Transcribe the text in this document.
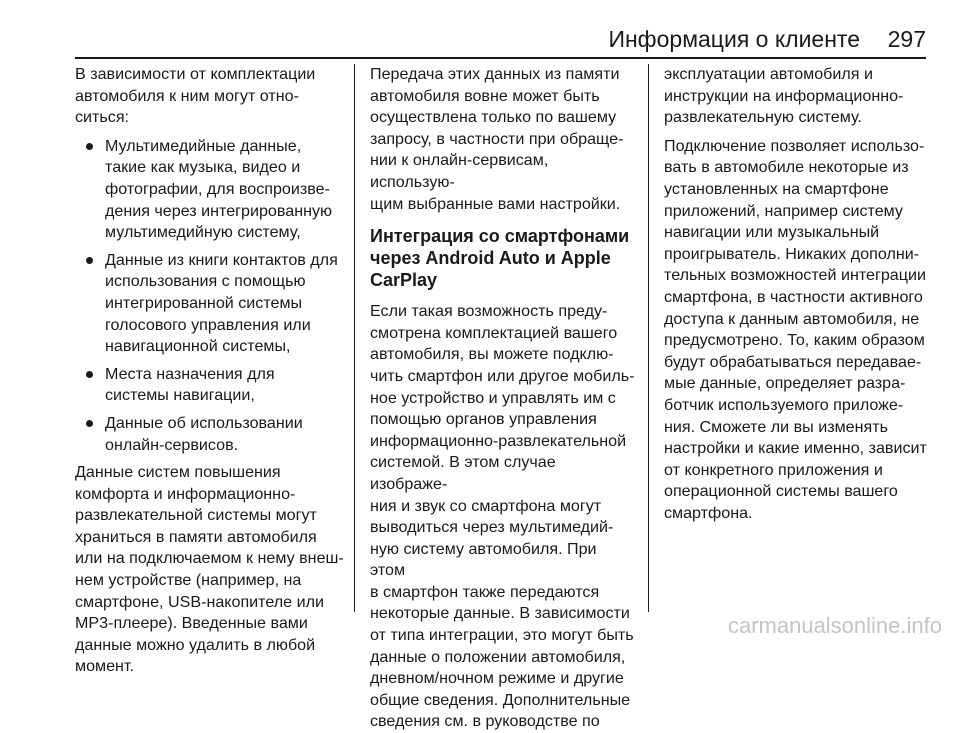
Информация о клиенте 297
В зависимости от комплектации
автомобиля к ним могут отно-
ситься:
Мультимедийные данные,
такие как музыка, видео и
фотографии, для воспроизве-
дения через интегрированную
мультимедийную систему,
Данные из книги контактов для
использования с помощью
интегрированной системы
голосового управления или
навигационной системы,
Места назначения для
системы навигации,
Данные об использовании
онлайн-сервисов.
Данные систем повышения
комфорта и информационно-
развлекательной системы могут
храниться в памяти автомобиля
или на подключаемом к нему внеш-
нем устройстве (например, на
смартфоне, USB-накопителе или
MP3-плеере). Введенные вами
данные можно удалить в любой
момент.
Передача этих данных из памяти
автомобиля вовне может быть
осуществлена только по вашему
запросу, в частности при обраще-
нии к онлайн-сервисам, использую-
щим выбранные вами настройки.
Интеграция со смартфонами
через Android Auto и Apple
CarPlay
Если такая возможность преду-
смотрена комплектацией вашего
автомобиля, вы можете подклю-
чить смартфон или другое мобиль-
ное устройство и управлять им с
помощью органов управления
информационно-развлекательной
системой. В этом случае изображе-
ния и звук со смартфона могут
выводиться через мультимедий-
ную систему автомобиля. При этом
в смартфон также передаются
некоторые данные. В зависимости
от типа интеграции, это могут быть
данные о положении автомобиля,
дневном/ночном режиме и другие
общие сведения. Дополнительные
сведения см. в руководстве по
эксплуатации автомобиля и
инструкции на информационно-
развлекательную систему.
Подключение позволяет использо-
вать в автомобиле некоторые из
установленных на смартфоне
приложений, например систему
навигации или музыкальный
проигрыватель. Никаких дополни-
тельных возможностей интеграции
смартфона, в частности активного
доступа к данным автомобиля, не
предусмотрено. То, каким образом
будут обрабатываться передавае-
мые данные, определяет разра-
ботчик используемого приложе-
ния. Сможете ли вы изменять
настройки и какие именно, зависит
от конкретного приложения и
операционной системы вашего
смартфона.
carmanualsonline.info
